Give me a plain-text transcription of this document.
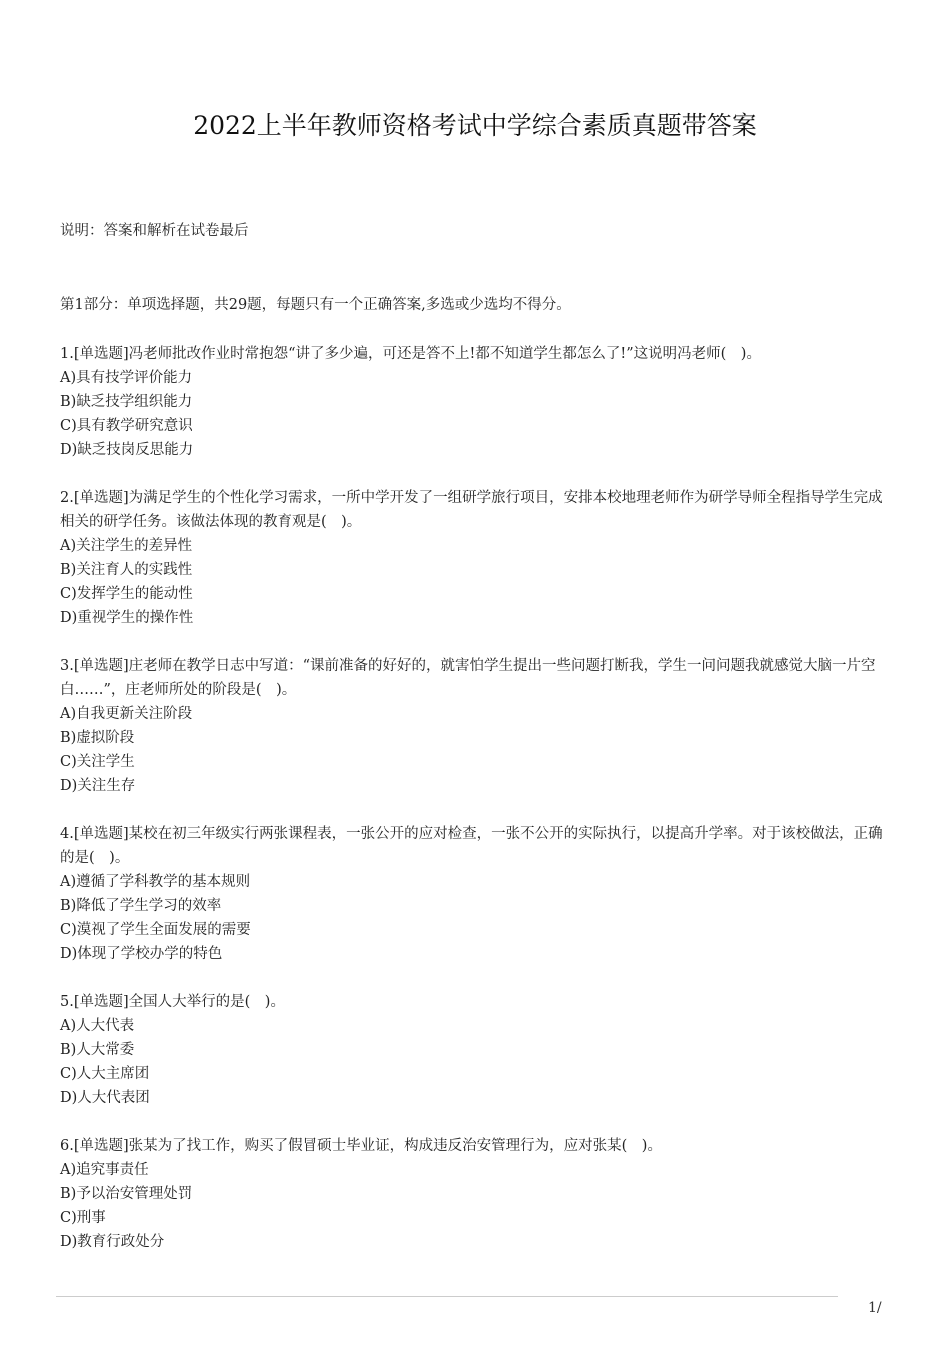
2022上半年教师资格考试中学综合素质真题带答案
说明：答案和解析在试卷最后
第1部分：单项选择题，共29题，每题只有一个正确答案,多选或少选均不得分。
1.[单选题]冯老师批改作业时常抱怨“讲了多少遍，可还是答不上!都不知道学生都怎么了!”这说明冯老师(　)。
A)具有技学评价能力
B)缺乏技学组织能力
C)具有教学研究意识
D)缺乏技岗反思能力
2.[单选题]为满足学生的个性化学习需求，一所中学开发了一组研学旅行项目，安排本校地理老师作为研学导师全程指导学生完成相关的研学任务。该做法体现的教育观是(　)。
A)关注学生的差异性
B)关注育人的实践性
C)发挥学生的能动性
D)重视学生的操作性
3.[单选题]庄老师在教学日志中写道：“课前准备的好好的，就害怕学生提出一些问题打断我，学生一问问题我就感觉大脑一片空白……”，庄老师所处的阶段是(　)。
A)自我更新关注阶段
B)虚拟阶段
C)关注学生
D)关注生存
4.[单选题]某校在初三年级实行两张课程表，一张公开的应对检查，一张不公开的实际执行，以提高升学率。对于该校做法，正确的是(　)。
A)遵循了学科教学的基本规则
B)降低了学生学习的效率
C)漠视了学生全面发展的需要
D)体现了学校办学的特色
5.[单选题]全国人大举行的是(　)。
A)人大代表
B)人大常委
C)人大主席团
D)人大代表团
6.[单选题]张某为了找工作，购买了假冒硕士毕业证，构成违反治安管理行为，应对张某(　)。
A)追究事责任
B)予以治安管理处罚
C)刑事
D)教育行政处分
1/
